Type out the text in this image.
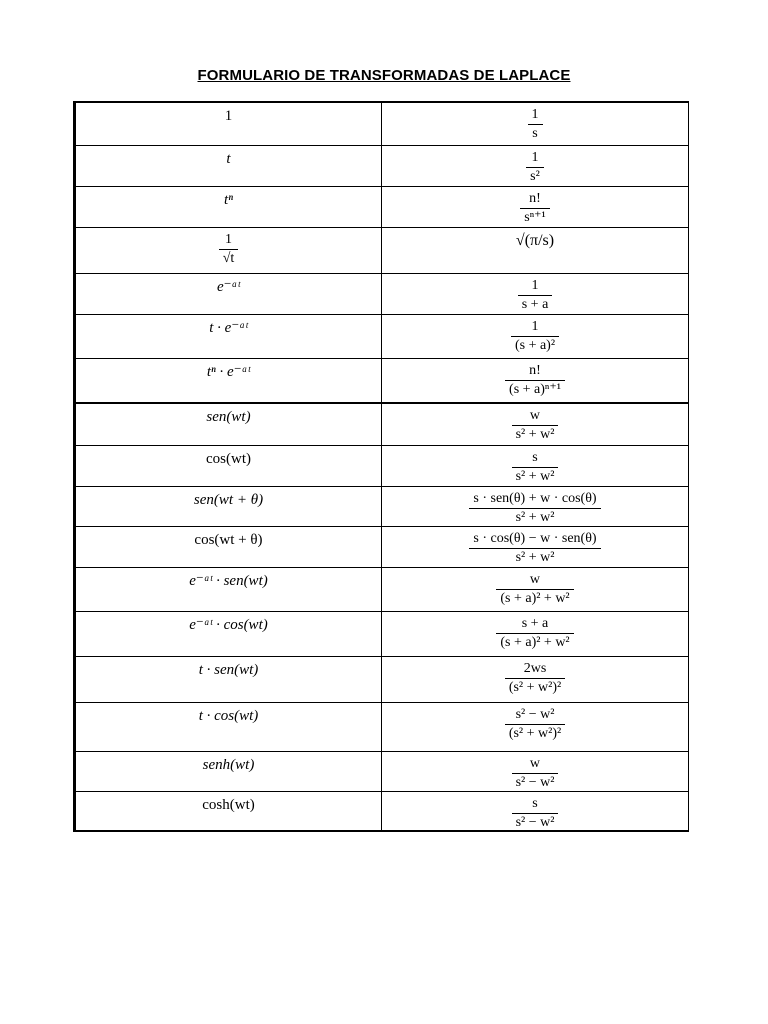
FORMULARIO DE TRANSFORMADAS DE LAPLACE
1	$\frac{1}{s}$
t	$\frac{1}{\text{s²}}$
tⁿ	$\frac{n!}{\text{sⁿ⁺¹}}$
$\frac{1}{√t}$	√(π/s)
e⁻ᵃᵗ	$\frac{1}{s + a}$
t · e⁻ᵃᵗ	$\frac{1}{\text{(s + a)²}}$
tⁿ · e⁻ᵃᵗ	$\frac{n!}{\text{(s + a)ⁿ⁺¹}}$
sen(wt)	$\frac{w}{\text{s² + w²}}$
cos(wt)	$\frac{s}{\text{s² + w²}}$
sen(wt + θ)	$\frac{\text{s · sen(θ) + w · cos(θ)}}{\text{s² + w²}}$
cos(wt + θ)	$\frac{\text{s · cos(θ) − w · sen(θ)}}{\text{s² + w²}}$
e⁻ᵃᵗ · sen(wt)	$\frac{w}{\text{(s + a)² + w²}}$
e⁻ᵃᵗ · cos(wt)	$\frac{s + a}{\text{(s + a)² + w²}}$
t · sen(wt)	$\frac{2ws}{\text{(s² + w²)²}}$
t · cos(wt)	$\frac{\text{s² − w²}}{\text{(s² + w²)²}}$
senh(wt)	$\frac{w}{\text{s² − w²}}$
cosh(wt)	$\frac{s}{\text{s² − w²}}$
